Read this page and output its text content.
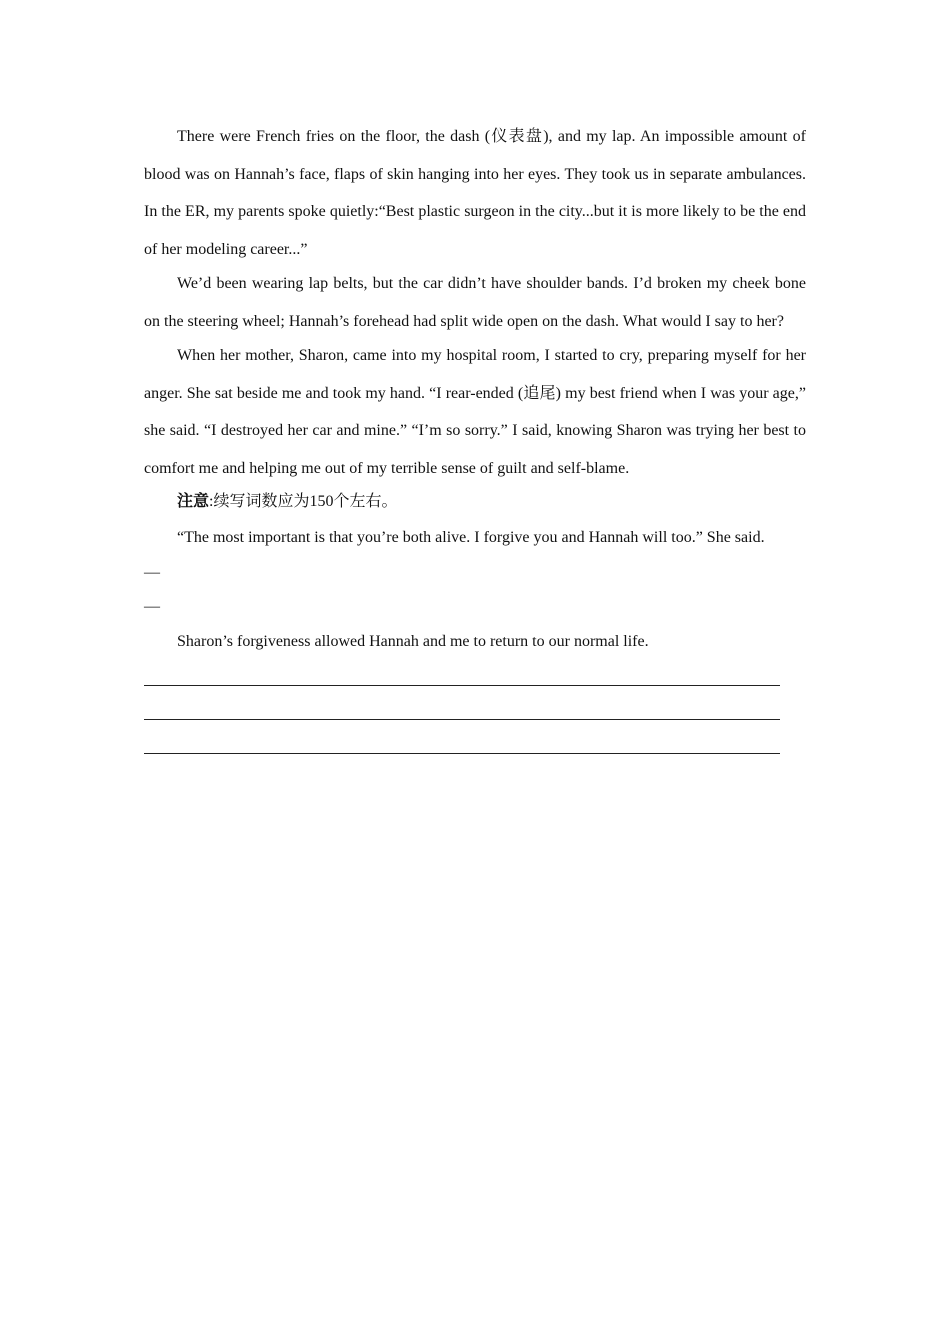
There were French fries on the floor, the dash (仪表盘), and my lap. An impossible amount of blood was on Hannah’s face, flaps of skin hanging into her eyes. They took us in separate ambulances. In the ER, my parents spoke quietly:“Best plastic surgeon in the city...but it is more likely to be the end of her modeling career...”

We’d been wearing lap belts, but the car didn’t have shoulder bands. I’d broken my cheek bone on the steering wheel; Hannah’s forehead had split wide open on the dash. What would I say to her?

When her mother, Sharon, came into my hospital room, I started to cry, preparing myself for her anger. She sat beside me and took my hand. “I rear-ended (追尾) my best friend when I was your age,” she said. “I destroyed her car and mine.” “I’m so sorry.” I said, knowing Sharon was trying her best to comfort me and helping me out of my terrible sense of guilt and self-blame.

注意:续写词数应为150个左右。

“The most important is that you’re both alive. I forgive you and Hannah will too.” She said.

—

—

Sharon’s forgiveness allowed Hannah and me to return to our normal life.
